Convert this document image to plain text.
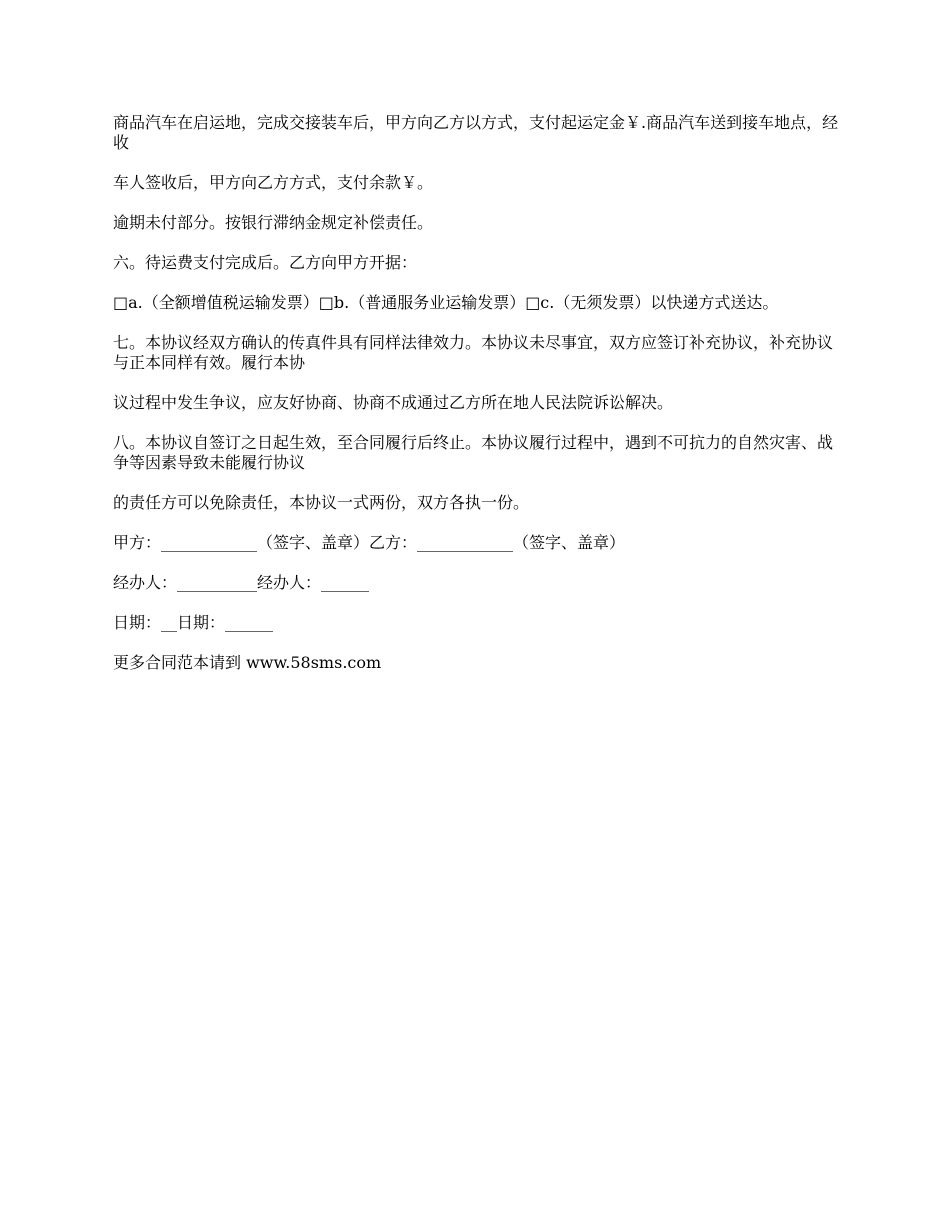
商品汽车在启运地，完成交接装车后，甲方向乙方以方式，支付起运定金￥.商品汽车送到接车地点，经收

车人签收后，甲方向乙方方式，支付余款￥。

逾期未付部分。按银行滞纳金规定补偿责任。

六。待运费支付完成后。乙方向甲方开据：

□a.（全额增值税运输发票）□b.（普通服务业运输发票）□c.（无须发票）以快递方式送达。

七。本协议经双方确认的传真件具有同样法律效力。本协议未尽事宜，双方应签订补充协议，补充协议与正本同样有效。履行本协

议过程中发生争议，应友好协商、协商不成通过乙方所在地人民法院诉讼解决。

八。本协议自签订之日起生效，至合同履行后终止。本协议履行过程中，遇到不可抗力的自然灾害、战争等因素导致未能履行协议

的责任方可以免除责任，本协议一式两份，双方各执一份。

甲方：____________（签字、盖章）乙方：____________（签字、盖章）

经办人：__________经办人：______

日期：__日期：______

更多合同范本请到 www.58sms.com
